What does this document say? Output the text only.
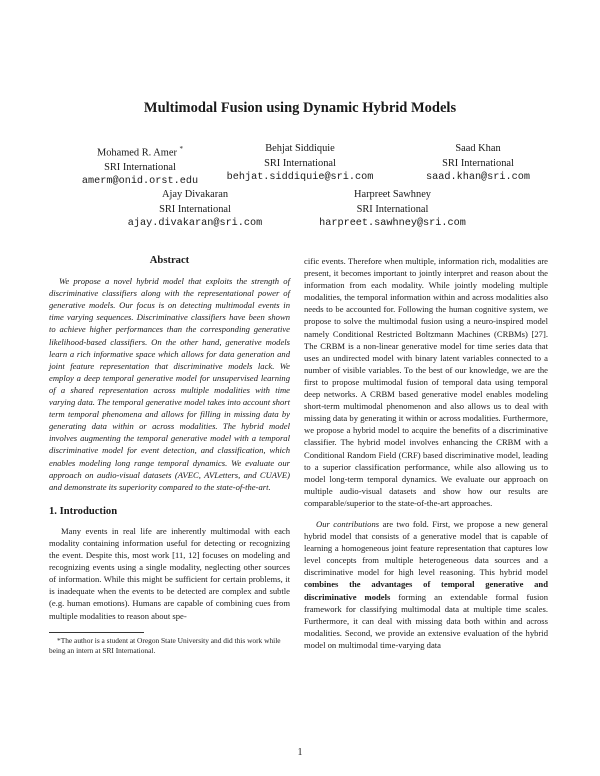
Multimodal Fusion using Dynamic Hybrid Models
Mohamed R. Amer *
SRI International
amerm@onid.orst.edu
Behjat Siddiquie
SRI International
behjat.siddiquie@sri.com
Saad Khan
SRI International
saad.khan@sri.com
Ajay Divakaran
SRI International
ajay.divakaran@sri.com
Harpreet Sawhney
SRI International
harpreet.sawhney@sri.com
Abstract

We propose a novel hybrid model that exploits the strength of discriminative classifiers along with the representational power of generative models. Our focus is on detecting multimodal events in time varying sequences. Discriminative classifiers have been shown to achieve higher performances than the corresponding generative likelihood-based classifiers. On the other hand, generative models learn a rich informative space which allows for data generation and joint feature representation that discriminative models lack. We employ a deep temporal generative model for unsupervised learning of a shared representation across multiple modalities with time varying data. The temporal generative model takes into account short term temporal phenomena and allows for filling in missing data by generating data within or across modalities. The hybrid model involves augmenting the temporal generative model with a temporal discriminative model for event detection, and classification, which enables modeling long range temporal dynamics. We evaluate our approach on audio-visual datasets (AVEC, AVLetters, and CUAVE) and demonstrate its superiority compared to the state-of-the-art.

1. Introduction

Many events in real life are inherently multimodal with each modality containing information useful for detecting or recognizing the event. Despite this, most work [11, 12] focuses on modeling and recognizing events using a single modality, neglecting other sources of information. While this might be sufficient for certain problems, it is inadequate when the events to be detected are complex and subtle (e.g. human emotions). Humans are capable of combining cues from multiple modalities to reason about spe-

*The author is a student at Oregon State University and did this work while being an intern at SRI International.

cific events. Therefore when multiple, information rich, modalities are present, it becomes important to jointly interpret and reason about the information from each modality. While jointly modeling multiple modalities, the temporal information within and across modalities also needs to be accounted for. Following the human cognitive system, we propose to solve the multimodal fusion using a neuro-inspired model namely Conditional Restricted Boltzmann Machines (CRBMs) [27]. The CRBM is a non-linear generative model for time series data that uses an undirected model with binary latent variables connected to a number of visible variables. To the best of our knowledge, we are the first to propose multimodal fusion of temporal data using temporal deep networks. A CRBM based generative model enables modeling short-term multimodal phenomenon and also allows us to deal with missing data by generating it within or across modalities. Furthermore, we propose a hybrid model to acquire the benefits of a discriminative classifier. The hybrid model involves enhancing the CRBM with a Conditional Random Field (CRF) based discriminative model, leading to a superior classification performance, while also allowing us to model long-term temporal dynamics. We evaluate our approach on multiple audio-visual datasets and show how our results are comparable/superior to the state-of-the-art approaches.

Our contributions are two fold. First, we propose a new general hybrid model that consists of a generative model that is capable of learning a homogeneous joint feature representation that captures low level concepts from multiple heterogeneous data sources and a discriminative model for high level reasoning. This hybrid model combines the advantages of temporal generative and discriminative models forming an extendable formal fusion framework for classifying multimodal data at multiple time scales. Furthermore, it can deal with missing data both within and across modalities. Second, we provide an extensive evaluation of the hybrid model on multimodal time-varying data

1
